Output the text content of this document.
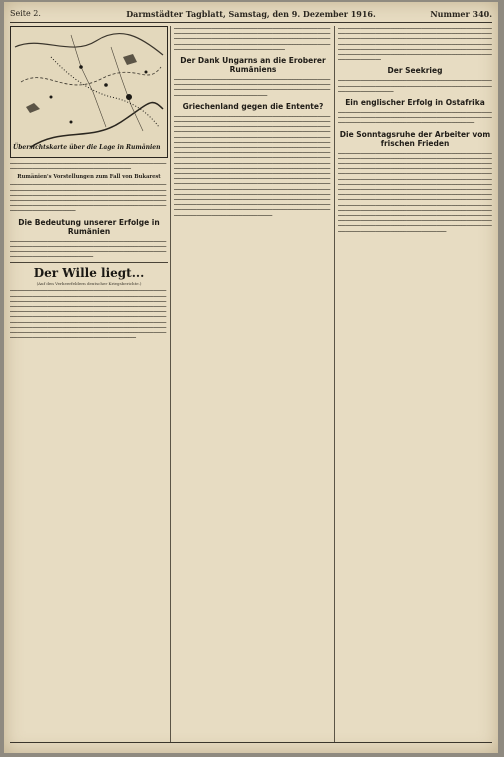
Seite 2.	Darmstädter Tagblatt, Samstag, den 9. Dezember 1916.	Nummer 340.
Übersichtskarte über die Lage in Rumänien

══════════════════════════════════════════════════════════════════════════════════════════════════════════════

Rumänien's Vorstellungen zum Fall von Bukarest

════════════════════════════════════════════════════════════════════════════════════════════════════════════════════════════════════════════════════════════════════════════════════════════════════════════════════════════════════════════════════════════════════════════════════════════════════════════════════════════════════════════════

Die Bedeutung unserer Erfolge in Rumänien

═══════════════════════════════════════════════════════════════════════════════════════════════════════════════════════════════════════════════════════════════════════════════════════════════════════════════════════════

Der Wille liegt...
(Auf den Verheerfeldern deutscher Kriegsberichte.)

════════════════════════════════════════════════════════════════════════════════════════════════════════════════════════════════════════════════════════════════════════════════════════════════════════════════════════════════════════════════════════════════════════════════════════════════════════════════════════════════════════════════════════════════════════════════════════════════════════════════════════════════════════════════════════════════════════════════════════════════════════════════════════════════════════════════════════════════════════════════════════════════════════════════════════════════

════════════════════════════════════════════════════════════════════════════════════════════════════════════════════════════════════════════════════════════════════════════════════════════════════════════════════════════════════════════════════════════════════════════════════════════════════

Der Dank Ungarns an die Eroberer Rumäniens

═══════════════════════════════════════════════════════════════════════════════════════════════════════════════════════════════════════════════════════════════════════════════════════════════════════════════════════════════

Griechenland gegen die Entente?

═════════════════════════════════════════════════════════════════════════════════════════════════════════════════════════════════════════════════════════════════════════════════════════════════════════════════════════════════════════════════════════════════════════════════════════════════════════════════════════════════════════════════════════════════════════════════════════════════════════════════════════════════════════════════════════════════════════════════════════════════════════════════════════════════════════════════════════════════════════════════════════════════════════════════════════════════════════════════════════════════════════════════════════════════════════════════════════════════════════════════════════════════════════════════════════════════════════════════════════════════════════════════════════════════════════════════════════════════════════════════════════════════════════════════════════════════════════════════════════════════════════════════════════════════════════════════════════════════════════════════════════════════════════════════════════════════════════════════════════════════════════════════════════════════════════════════════════════════════════════════════════════════

═══════════════════════════════════════════════════════════════════════════════════════════════════════════════════════════════════════════════════════════════════════════════════════════════════════════════════════════════════════════════════════════════════════════════════════════════════════════════════════════════════════════════════════════════════════════════════════════════

Der Seekrieg

════════════════════════════════════════════════════════════════════════════════════════════════════════════════════════════════════════════════

Ein englischer Erfolg in Ostafrika

════════════════════════════════════════════════════════════════════════════════════════════════════════════════════════════════════════════════════════════════════════════════

Die Sonntagsruhe der Arbeiter vom frischen Frieden

══════════════════════════════════════════════════════════════════════════════════════════════════════════════════════════════════════════════════════════════════════════════════════════════════════════════════════════════════════════════════════════════════════════════════════════════════════════════════════════════════════════════════════════════════════════════════════════════════════════════════════════════════════════════════════════════════════════════════════════════════════════════════════════════════════════════════════════════════════════════════════════════════════════════════════════════════════════════════════════════════════════════════════════════════════════════════════════════════════════════════════════════════════════════════════════════════════════════════════════════════════════════════════════════════════════════════════════════════════════════════════════════════════════════════════════════════════════════════════════════
